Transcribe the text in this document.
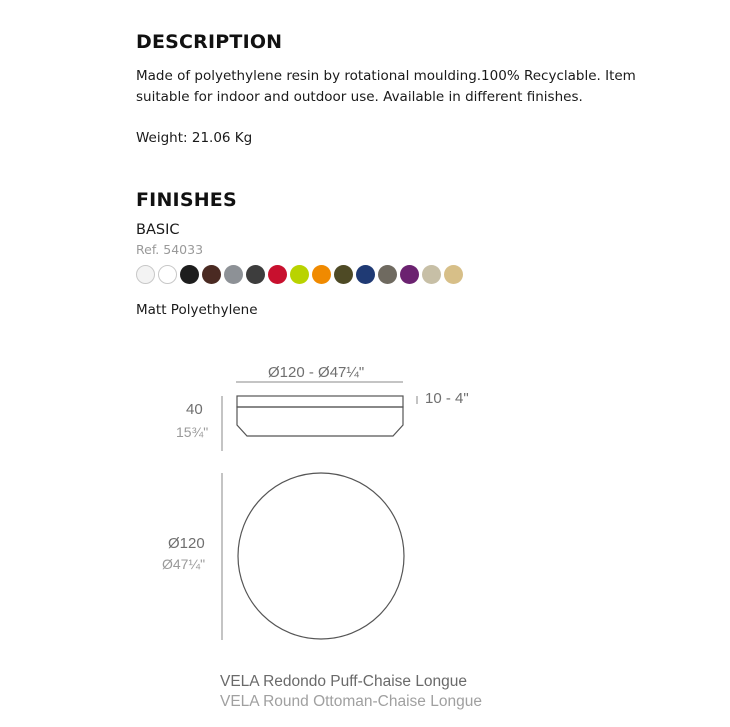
DESCRIPTION
Made of polyethylene resin by rotational moulding.100% Recyclable. Item
suitable for indoor and outdoor use. Available in different finishes.
Weight: 21.06 Kg
FINISHES
BASIC
Ref. 54033
Matt Polyethylene
Ø120 - Ø47¼"
10 - 4"
40
15¾"
Ø120
Ø47¼"
VELA Redondo Puff-Chaise Longue
VELA Round Ottoman-Chaise Longue
